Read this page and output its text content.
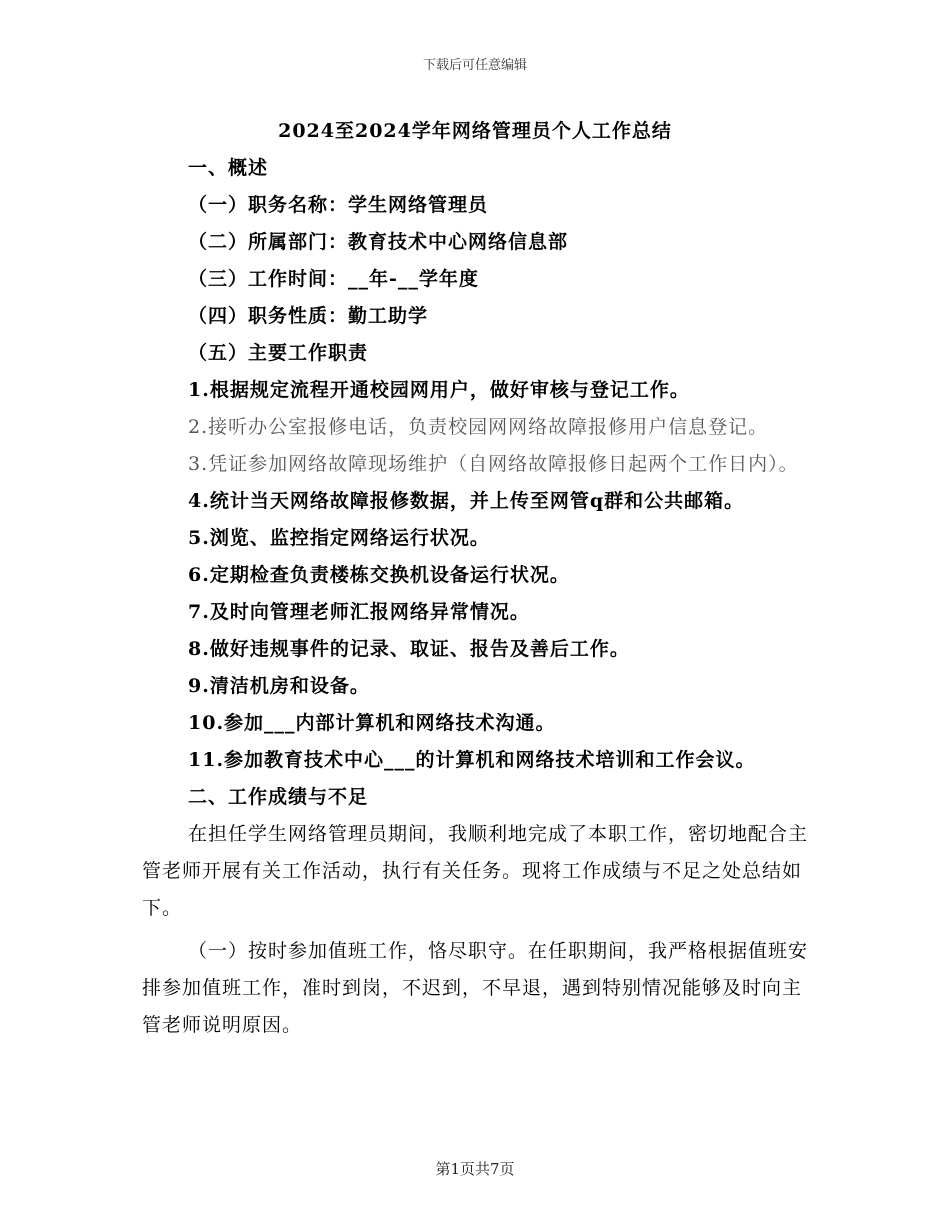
下载后可任意编辑
2024至2024学年网络管理员个人工作总结
一、概述
（一）职务名称：学生网络管理员
（二）所属部门：教育技术中心网络信息部
（三）工作时间：__年-__学年度
（四）职务性质：勤工助学
（五）主要工作职责
1.根据规定流程开通校园网用户，做好审核与登记工作。
2.接听办公室报修电话，负责校园网网络故障报修用户信息登记。

3.凭证参加网络故障现场维护（自网络故障报修日起两个工作日内）。

4.统计当天网络故障报修数据，并上传至网管q群和公共邮箱。
5.浏览、监控指定网络运行状况。
6.定期检查负责楼栋交换机设备运行状况。
7.及时向管理老师汇报网络异常情况。
8.做好违规事件的记录、取证、报告及善后工作。
9.清洁机房和设备。
10.参加___内部计算机和网络技术沟通。
11.参加教育技术中心___的计算机和网络技术培训和工作会议。
二、工作成绩与不足

在担任学生网络管理员期间，我顺利地完成了本职工作，密切地配合主管老师开展有关工作活动，执行有关任务。现将工作成绩与不足之处总结如下。

（一）按时参加值班工作，恪尽职守。在任职期间，我严格根据值班安排参加值班工作，准时到岗，不迟到，不早退，遇到特别情况能够及时向主管老师说明原因。

第1页共7页
